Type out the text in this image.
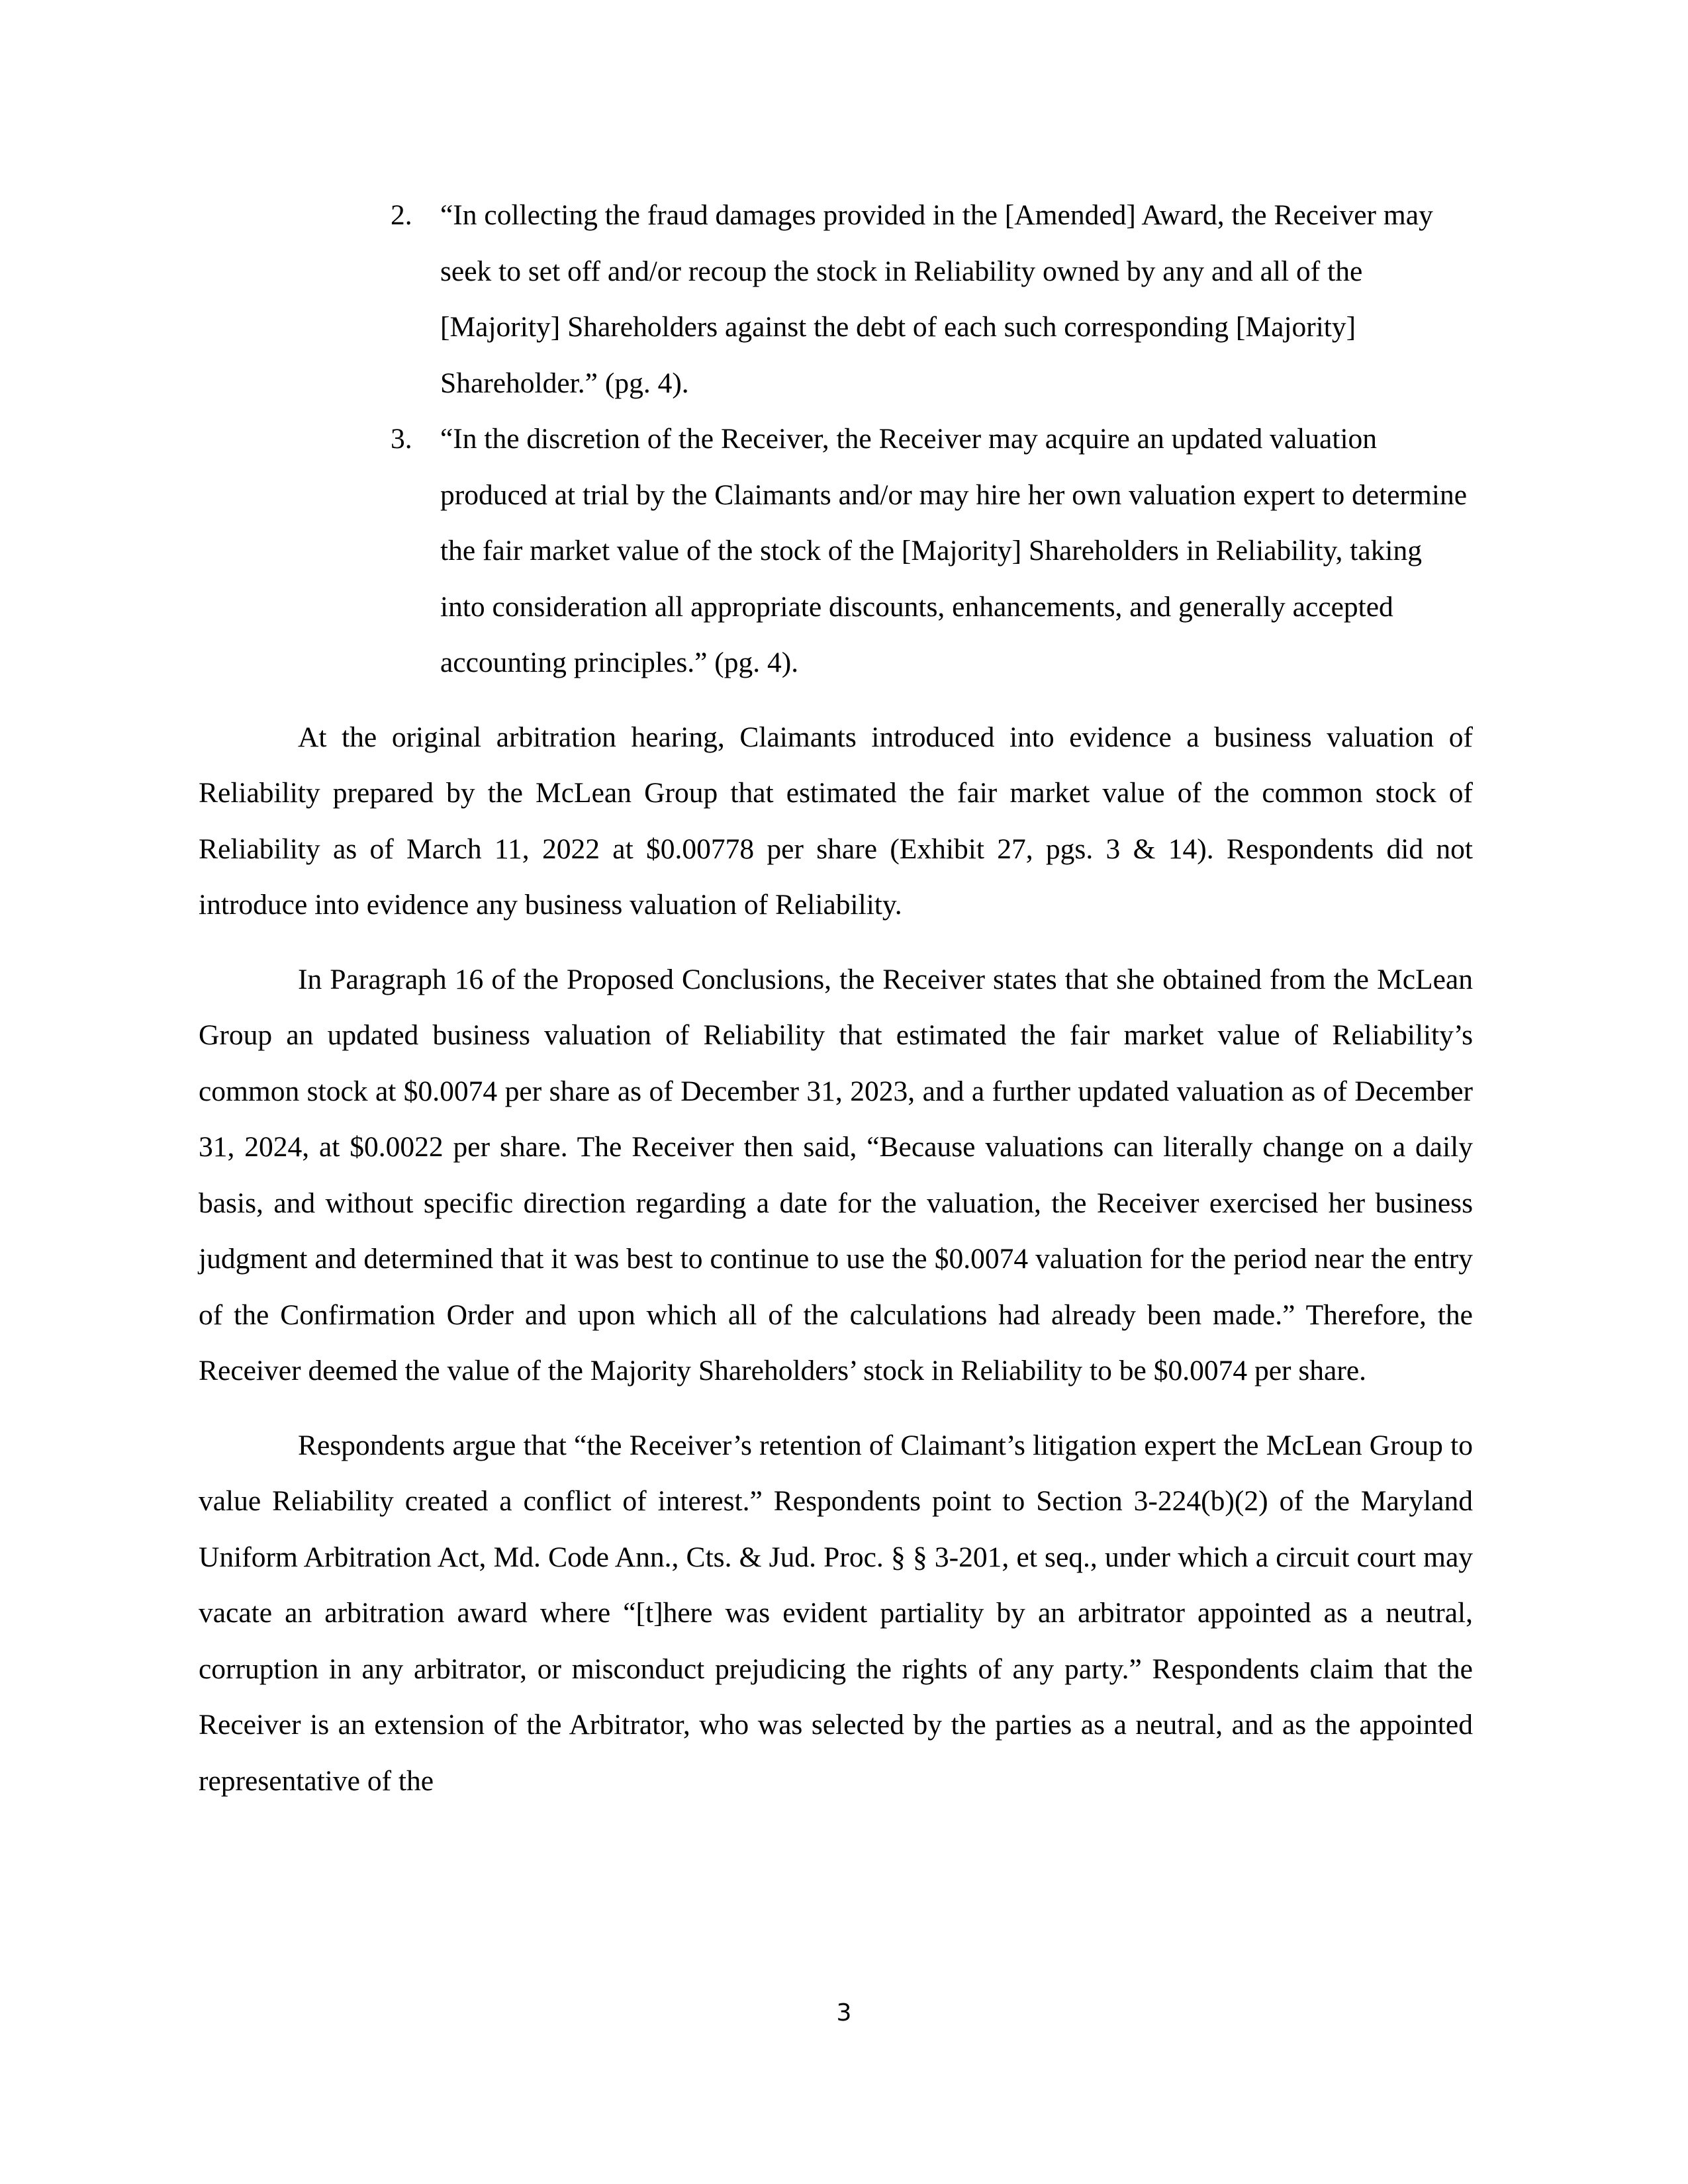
2. “In collecting the fraud damages provided in the [Amended] Award, the Receiver may seek to set off and/or recoup the stock in Reliability owned by any and all of the [Majority] Shareholders against the debt of each such corresponding [Majority] Shareholder.” (pg. 4).
3. “In the discretion of the Receiver, the Receiver may acquire an updated valuation produced at trial by the Claimants and/or may hire her own valuation expert to determine the fair market value of the stock of the [Majority] Shareholders in Reliability, taking into consideration all appropriate discounts, enhancements, and generally accepted accounting principles.” (pg. 4).

At the original arbitration hearing, Claimants introduced into evidence a business valuation of Reliability prepared by the McLean Group that estimated the fair market value of the common stock of Reliability as of March 11, 2022 at $0.00778 per share (Exhibit 27, pgs. 3 & 14). Respondents did not introduce into evidence any business valuation of Reliability.

In Paragraph 16 of the Proposed Conclusions, the Receiver states that she obtained from the McLean Group an updated business valuation of Reliability that estimated the fair market value of Reliability’s common stock at $0.0074 per share as of December 31, 2023, and a further updated valuation as of December 31, 2024, at $0.0022 per share. The Receiver then said, “Because valuations can literally change on a daily basis, and without specific direction regarding a date for the valuation, the Receiver exercised her business judgment and determined that it was best to continue to use the $0.0074 valuation for the period near the entry of the Confirmation Order and upon which all of the calculations had already been made.” Therefore, the Receiver deemed the value of the Majority Shareholders’ stock in Reliability to be $0.0074 per share.

Respondents argue that “the Receiver’s retention of Claimant’s litigation expert the McLean Group to value Reliability created a conflict of interest.” Respondents point to Section 3-224(b)(2) of the Maryland Uniform Arbitration Act, Md. Code Ann., Cts. & Jud. Proc. § § 3-201, et seq., under which a circuit court may vacate an arbitration award where “[t]here was evident partiality by an arbitrator appointed as a neutral, corruption in any arbitrator, or misconduct prejudicing the rights of any party.” Respondents claim that the Receiver is an extension of the Arbitrator, who was selected by the parties as a neutral, and as the appointed representative of the

3
